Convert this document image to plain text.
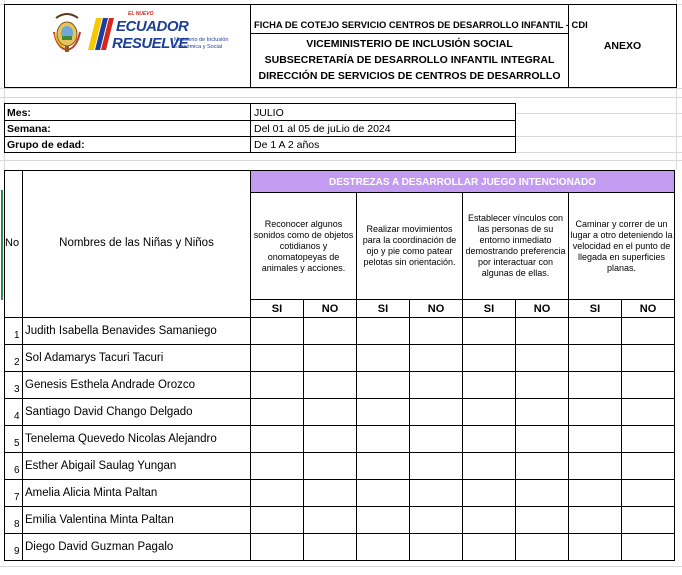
EL NUEVO
ECUADOR
RESUELVE
Ministerio de Inclusión
Económica y Social
FICHA DE COTEJO SERVICIO CENTROS DE DESARROLLO INFANTIL - CDI
VICEMINISTERIO DE INCLUSIÓN SOCIAL
SUBSECRETARÍA DE DESARROLLO INFANTIL INTEGRAL
DIRECCIÓN DE SERVICIOS DE CENTROS DE DESARROLLO
ANEXO
Mes:	JULIO
Semana:	Del 01 al 05 de juLio de 2024
Grupo de edad:	De 1 A 2 años
No	Nombres de las Niñas y Niños
DESTREZAS A DESARROLLAR JUEGO INTENCIONADO
Reconocer algunos sonidos como de objetos cotidianos y onomatopeyas de animales y acciones.
Realizar movimientos para la coordinación de ojo y pie como patear pelotas sin orientación.
Establecer vínculos con las personas de su entorno inmediato demostrando preferencia por interactuar con algunas de ellas.
Caminar y correr de un lugar a otro deteniendo la velocidad en el punto de llegada en superficies planas.
SI	NO	SI	NO	SI	NO	SI	NO
1 Judith Isabella Benavides Samaniego
2 Sol Adamarys Tacuri Tacuri
3 Genesis Esthela Andrade Orozco
4 Santiago David Chango Delgado
5 Tenelema Quevedo Nicolas Alejandro
6 Esther Abigail Saulag Yungan
7 Amelia Alicia Minta Paltan
8 Emilia Valentina Minta Paltan
9 Diego David Guzman Pagalo
